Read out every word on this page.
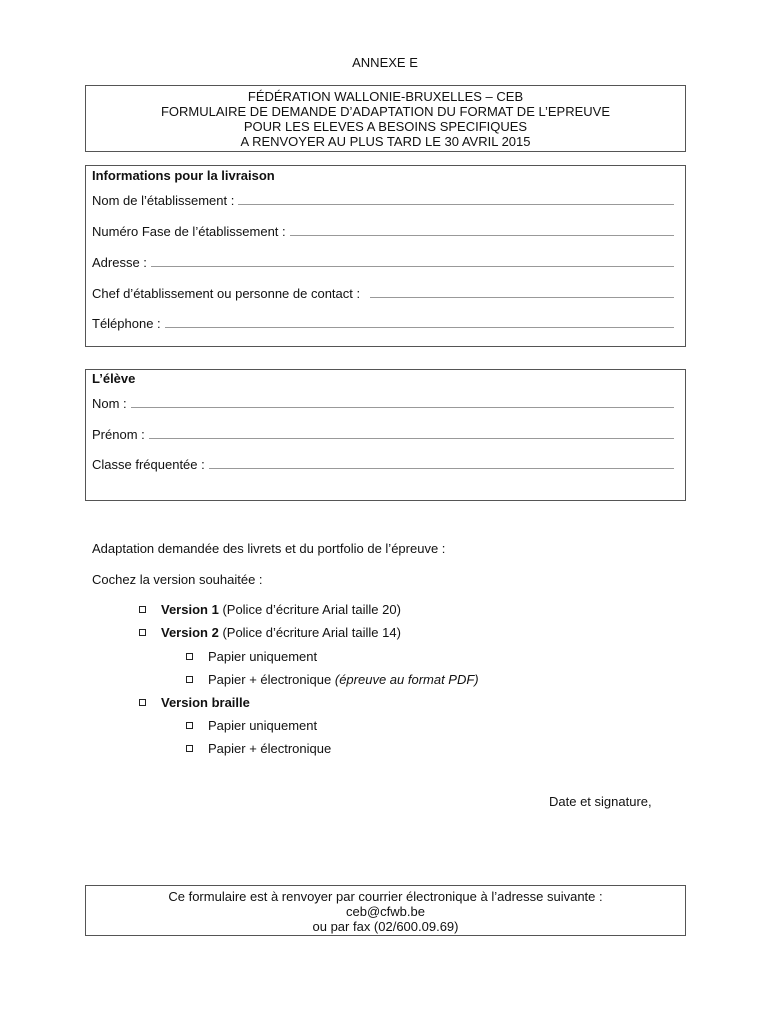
ANNEXE E
FÉDÉRATION WALLONIE-BRUXELLES – CEB
FORMULAIRE DE DEMANDE D’ADAPTATION DU FORMAT DE L’EPREUVE
POUR LES ELEVES A BESOINS SPECIFIQUES
A RENVOYER AU PLUS TARD LE 30 AVRIL 2015
Informations pour la livraison
Nom de l’établissement :
Numéro Fase de l’établissement :
Adresse :
Chef d’établissement ou personne de contact :
Téléphone :
L’élève
Nom :
Prénom :
Classe fréquentée :
Adaptation demandée des livrets et du portfolio de l’épreuve :
Cochez la version souhaitée :
Version 1 (Police d’écriture Arial taille 20)
Version 2 (Police d’écriture Arial taille 14)
Papier uniquement
Papier + électronique (épreuve au format PDF)
Version braille
Papier uniquement
Papier + électronique
Date et signature,
Ce formulaire est à renvoyer par courrier électronique à l’adresse suivante :
ceb@cfwb.be
ou par fax (02/600.09.69)
